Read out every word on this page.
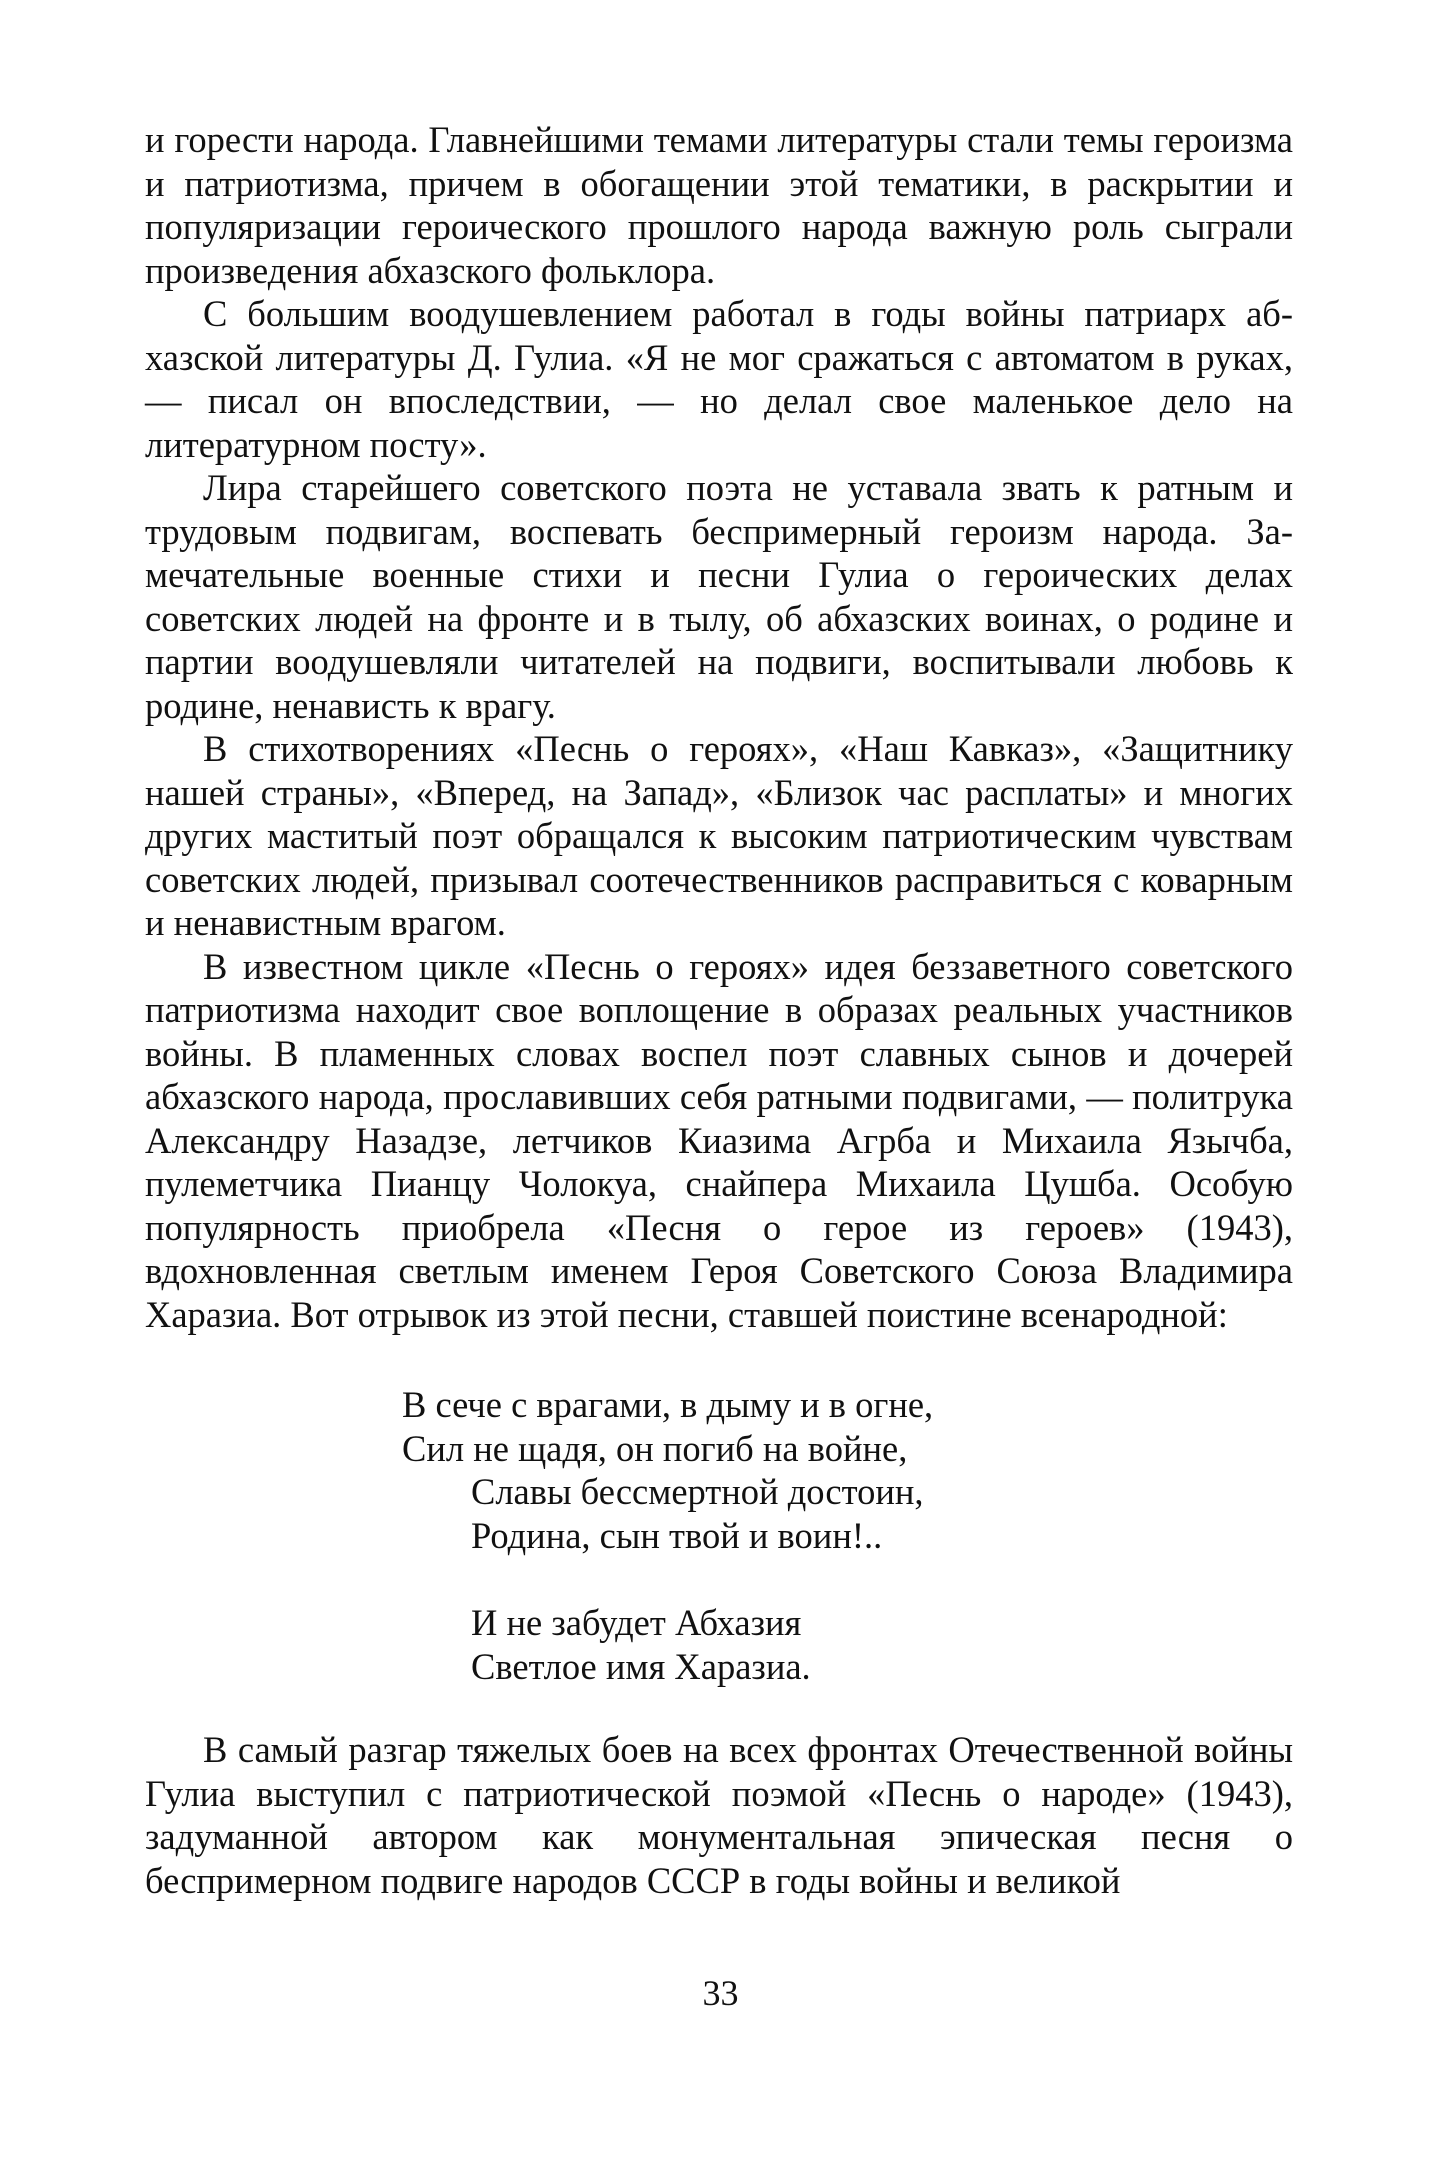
и горести народа. Главнейшими темами литературы стали темы героизма и патриотизма, причем в обогащении этой тематики, в раскрытии и популяризации героического прошлого народа важную роль сыграли произведения абхазского фольклора.

С большим воодушевлением работал в годы войны патриарх абхазской литературы Д. Гулиа. «Я не мог сражаться с автоматом в руках, — писал он впоследствии, — но делал свое маленькое дело на литературном посту».

Лира старейшего советского поэта не уставала звать к ратным и трудовым подвигам, воспевать беспримерный героизм народа. Замечательные военные стихи и песни Гулиа о героических делах советских людей на фронте и в тылу, об абхазских воинах, о родине и партии воодушевляли читателей на подвиги, воспитывали любовь к родине, ненависть к врагу.

В стихотворениях «Песнь о героях», «Наш Кавказ», «Защитнику нашей страны», «Вперед, на Запад», «Близок час расплаты» и многих других маститый поэт обращался к высоким патриотическим чувствам советских людей, призывал соотечественников расправиться с коварным и ненавистным врагом.

В известном цикле «Песнь о героях» идея беззаветного советского патриотизма находит свое воплощение в образах реальных участников войны. В пламенных словах воспел поэт славных сынов и дочерей абхазского народа, прославивших себя ратными подвигами, — политрука Александру Назадзе, летчиков Киазима Агрба и Михаила Язычба, пулеметчика Пианцу Чолокуа, снайпера Михаила Цушба. Особую популярность приобрела «Песня о герое из героев» (1943), вдохновленная светлым именем Героя Советского Союза Владимира Харазиа. Вот отрывок из этой песни, ставшей поистине всенародной:

В сече с врагами, в дыму и в огне,
Сил не щадя, он погиб на войне,
Славы бессмертной достоин,
Родина, сын твой и воин!..
И не забудет Абхазия
Светлое имя Харазиа.

В самый разгар тяжелых боев на всех фронтах Отечественной войны Гулиа выступил с патриотической поэмой «Песнь о народе» (1943), задуманной автором как монументальная эпическая песня о беспримерном подвиге народов СССР в годы войны и великой

33
